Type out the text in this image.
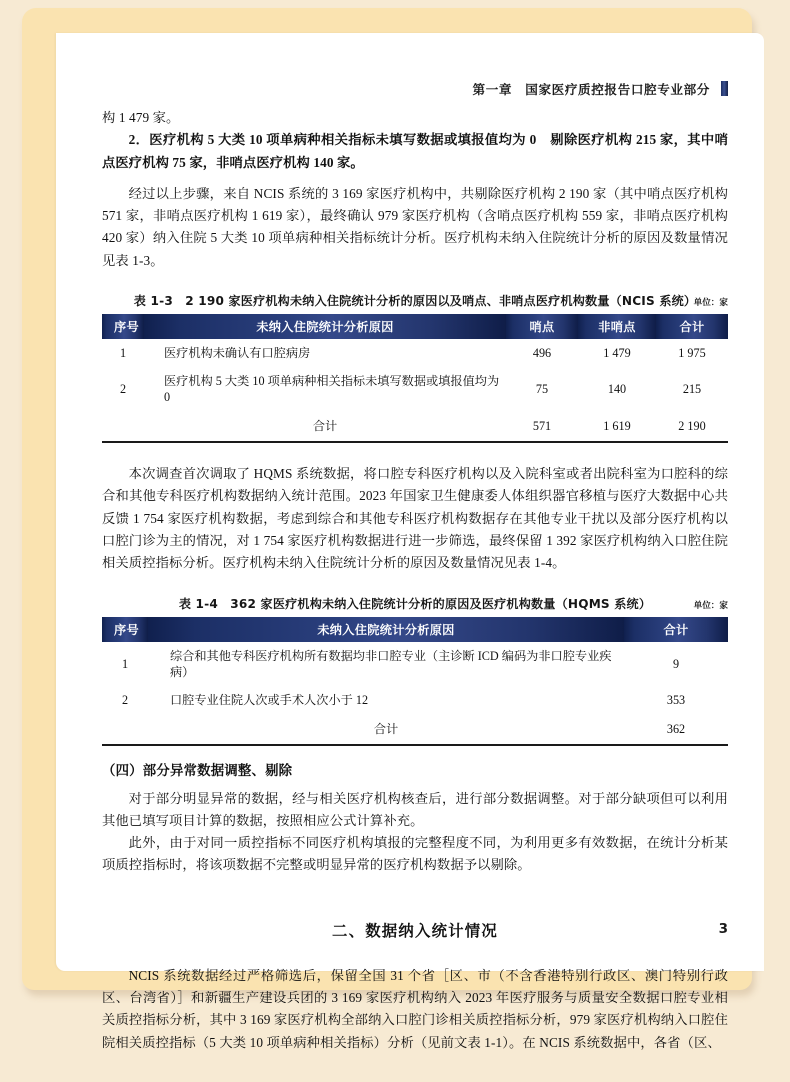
第一章　国家医疗质控报告口腔专业部分

构 1 479 家。

2．医疗机构 5 大类 10 项单病种相关指标未填写数据或填报值均为 0　剔除医疗机构 215 家，其中哨点医疗机构 75 家，非哨点医疗机构 140 家。

经过以上步骤，来自 NCIS 系统的 3 169 家医疗机构中，共剔除医疗机构 2 190 家（其中哨点医疗机构 571 家，非哨点医疗机构 1 619 家），最终确认 979 家医疗机构（含哨点医疗机构 559 家，非哨点医疗机构 420 家）纳入住院 5 大类 10 项单病种相关指标统计分析。医疗机构未纳入住院统计分析的原因及数量情况见表 1-3。

表 1-3　2 190 家医疗机构未纳入住院统计分析的原因以及哨点、非哨点医疗机构数量（NCIS 系统）
单位：家
序号	未纳入住院统计分析原因	哨点	非哨点	合计
1	医疗机构未确认有口腔病房	496	1 479	1 975
2	医疗机构 5 大类 10 项单病种相关指标未填写数据或填报值均为 0	75	140	215
	合计	571	1 619	2 190

本次调查首次调取了 HQMS 系统数据，将口腔专科医疗机构以及入院科室或者出院科室为口腔科的综合和其他专科医疗机构数据纳入统计范围。2023 年国家卫生健康委人体组织器官移植与医疗大数据中心共反馈 1 754 家医疗机构数据，考虑到综合和其他专科医疗机构数据存在其他专业干扰以及部分医疗机构以口腔门诊为主的情况，对 1 754 家医疗机构数据进行进一步筛选，最终保留 1 392 家医疗机构纳入口腔住院相关质控指标分析。医疗机构未纳入住院统计分析的原因及数量情况见表 1-4。

表 1-4　362 家医疗机构未纳入住院统计分析的原因及医疗机构数量（HQMS 系统）	单位：家
序号	未纳入住院统计分析原因	合计
1	综合和其他专科医疗机构所有数据均非口腔专业（主诊断 ICD 编码为非口腔专业疾病）	9
2	口腔专业住院人次或手术人次小于 12	353
	合计	362
（四）部分异常数据调整、剔除

对于部分明显异常的数据，经与相关医疗机构核查后，进行部分数据调整。对于部分缺项但可以利用其他已填写项目计算的数据，按照相应公式计算补充。

此外，由于对同一质控指标不同医疗机构填报的完整程度不同，为利用更多有效数据，在统计分析某项质控指标时，将该项数据不完整或明显异常的医疗机构数据予以剔除。

二、数据纳入统计情况

NCIS 系统数据经过严格筛选后，保留全国 31 个省［区、市（不含香港特别行政区、澳门特别行政区、台湾省）］和新疆生产建设兵团的 3 169 家医疗机构纳入 2023 年医疗服务与质量安全数据口腔专业相关质控指标分析，其中 3 169 家医疗机构全部纳入口腔门诊相关质控指标分析，979 家医疗机构纳入口腔住院相关质控指标（5 大类 10 项单病种相关指标）分析（见前文表 1-1）。在 NCIS 系统数据中，各省（区、

3
